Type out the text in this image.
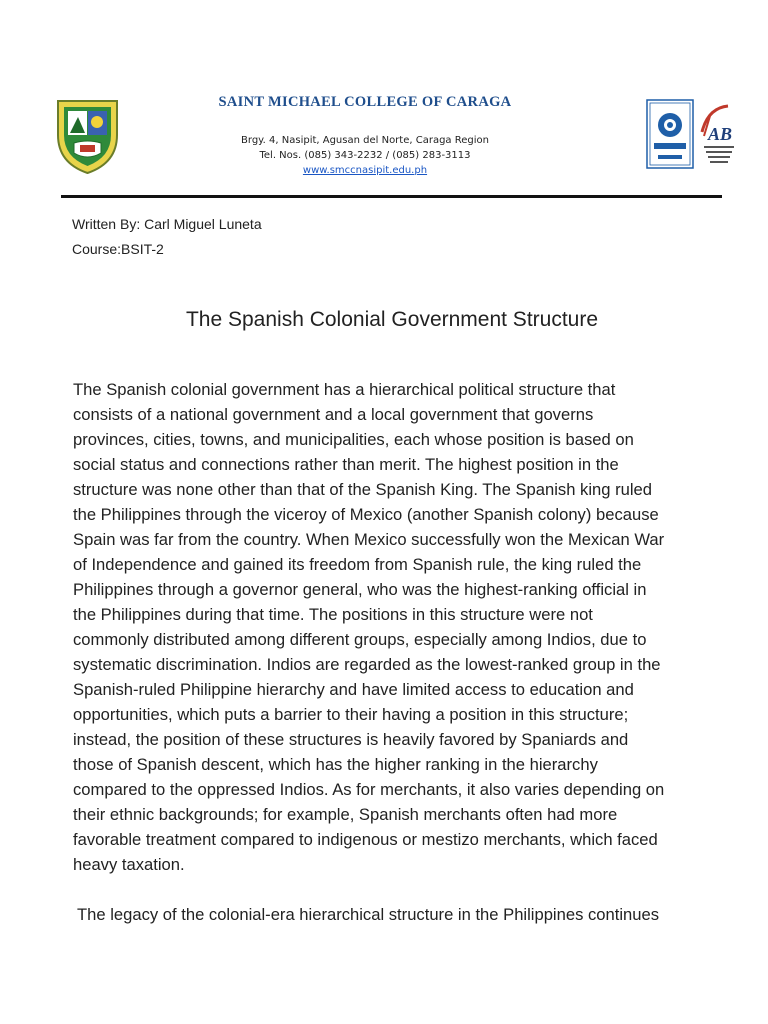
SAINT MICHAEL COLLEGE OF CARAGA
Brgy. 4, Nasipit, Agusan del Norte, Caraga Region
Tel. Nos. (085) 343-2232 / (085) 283-3113
www.smccnasipit.edu.ph
AB
Written By: Carl Miguel Luneta
Course:BSIT-2
The Spanish Colonial Government Structure

The Spanish colonial government has a hierarchical political structure that
consists of a national government and a local government that governs
provinces, cities, towns, and municipalities, each whose position is based on
social status and connections rather than merit. The highest position in the
structure was none other than that of the Spanish King. The Spanish king ruled
the Philippines through the viceroy of Mexico (another Spanish colony) because
Spain was far from the country. When Mexico successfully won the Mexican War
of Independence and gained its freedom from Spanish rule, the king ruled the
Philippines through a governor general, who was the highest-ranking official in
the Philippines during that time. The positions in this structure were not
commonly distributed among different groups, especially among Indios, due to
systematic discrimination. Indios are regarded as the lowest-ranked group in the
Spanish-ruled Philippine hierarchy and have limited access to education and
opportunities, which puts a barrier to their having a position in this structure;
instead, the position of these structures is heavily favored by Spaniards and
those of Spanish descent, which has the higher ranking in the hierarchy
compared to the oppressed Indios. As for merchants, it also varies depending on
their ethnic backgrounds; for example, Spanish merchants often had more
favorable treatment compared to indigenous or mestizo merchants, which faced
heavy taxation.

The legacy of the colonial-era hierarchical structure in the Philippines continues
